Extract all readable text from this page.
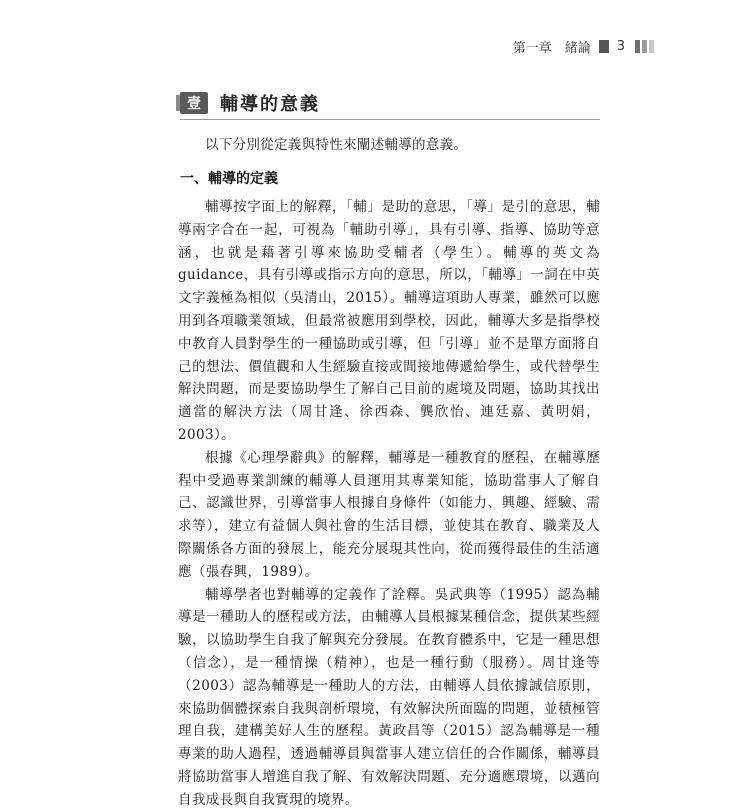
第一章　緒論 3
壹	輔導的意義
以下分別從定義與特性來闡述輔導的意義。
一、輔導的定義

輔導按字面上的解釋，「輔」是助的意思，「導」是引的意思，輔導兩字合在一起，可視為「輔助引導」，具有引導、指導、協助等意涵，也就是藉著引導來協助受輔者（學生）。輔導的英文為guidance，具有引導或指示方向的意思，所以，「輔導」一詞在中英文字義極為相似（吳清山，2015）。輔導這項助人專業，雖然可以應用到各項職業領域，但最常被應用到學校，因此，輔導大多是指學校中教育人員對學生的一種協助或引導，但「引導」並不是單方面將自己的想法、價值觀和人生經驗直接或間接地傳遞給學生，或代替學生解決問題，而是要協助學生了解自己目前的處境及問題，協助其找出適當的解決方法（周甘逢、徐西森、龔欣怡、連廷嘉、黃明娟，2003）。

根據《心理學辭典》的解釋，輔導是一種教育的歷程，在輔導歷程中受過專業訓練的輔導人員運用其專業知能，協助當事人了解自己、認識世界，引導當事人根據自身條件（如能力、興趣、經驗、需求等），建立有益個人與社會的生活目標，並使其在教育、職業及人際關係各方面的發展上，能充分展現其性向，從而獲得最佳的生活適應（張春興，1989）。

輔導學者也對輔導的定義作了詮釋。吳武典等（1995）認為輔導是一種助人的歷程或方法，由輔導人員根據某種信念，提供某些經驗，以協助學生自我了解與充分發展。在教育體系中，它是一種思想（信念），是一種情操（精神），也是一種行動（服務）。周甘逢等（2003）認為輔導是一種助人的方法，由輔導人員依據誠信原則，來協助個體探索自我與剖析環境，有效解決所面臨的問題，並積極管理自我，建構美好人生的歷程。黃政昌等（2015）認為輔導是一種專業的助人過程，透過輔導員與當事人建立信任的合作關係，輔導員將協助當事人增進自我了解、有效解決問題、充分適應環境，以邁向自我成長與自我實現的境界。
